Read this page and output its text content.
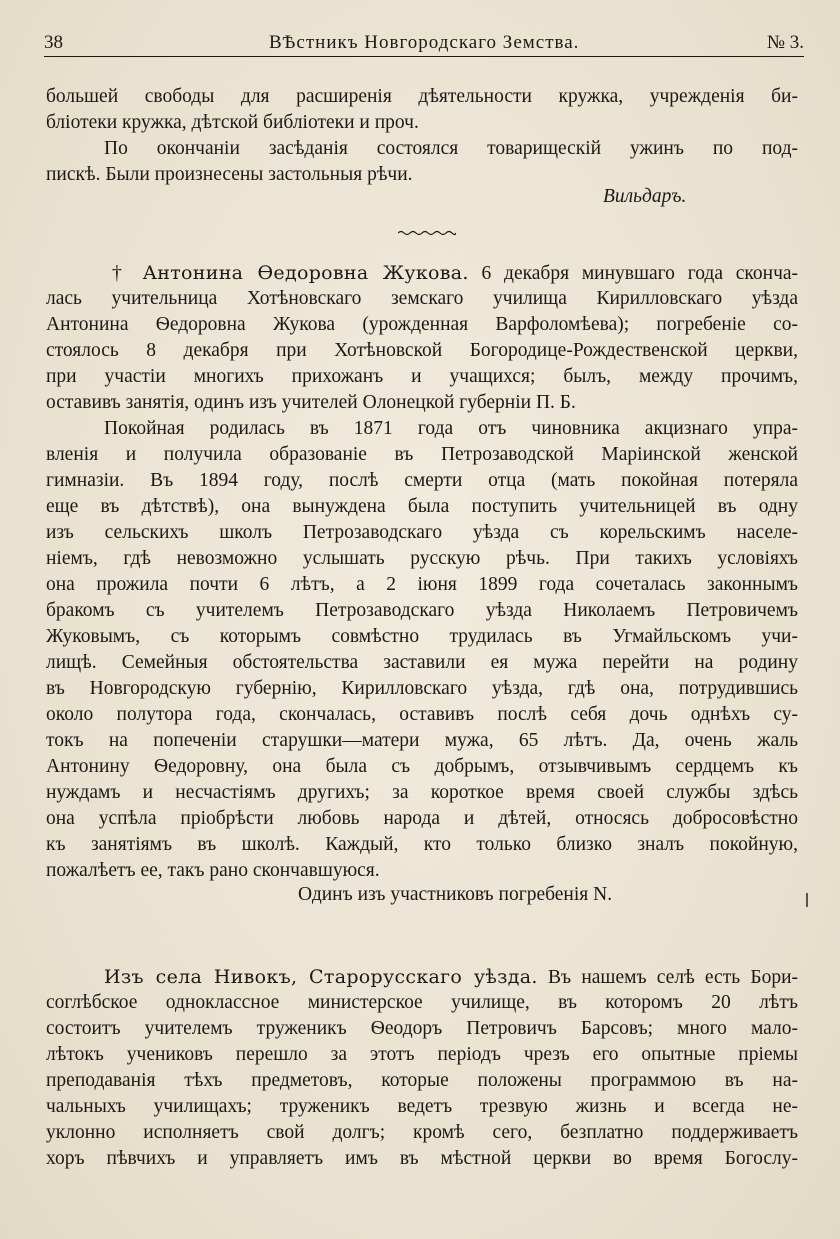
38	ВѢстникъ Новгородскаго Земства.	№ 3.
большей свободы для расширенія дѣятельности кружка, учрежденія би-
бліотеки кружка, дѣтской библіотеки и проч.
По окончаніи засѣданія состоялся товарищескій ужинъ по под-
пискѣ. Были произнесены застольныя рѣчи.
Вильдаръ.
† Антонина Ѳедоровна Жукова. 6 декабря минувшаго года сконча-
лась учительница Хотѣновскаго земскаго училища Кирилловскаго уѣзда
Антонина Ѳедоровна Жукова (урожденная Варфоломѣева); погребеніе со-
стоялось 8 декабря при Хотѣновской Богородице-Рождественской церкви,
при участіи многихъ прихожанъ и учащихся; былъ, между прочимъ,
оставивъ занятія, одинъ изъ учителей Олонецкой губерніи П. Б.
Покойная родилась въ 1871 года отъ чиновника акцизнаго упра-
вленія и получила образованіе въ Петрозаводской Маріинской женской
гимназіи. Въ 1894 году, послѣ смерти отца (мать покойная потеряла
еще въ дѣтствѣ), она вынуждена была поступить учительницей въ одну
изъ сельскихъ школъ Петрозаводскаго уѣзда съ корельскимъ населе-
ніемъ, гдѣ невозможно услышать русскую рѣчь. При такихъ условіяхъ
она прожила почти 6 лѣтъ, а 2 іюня 1899 года сочеталась законнымъ
бракомъ съ учителемъ Петрозаводскаго уѣзда Николаемъ Петровичемъ
Жуковымъ, съ которымъ совмѣстно трудилась въ Угмайльскомъ учи-
лищѣ. Семейныя обстоятельства заставили ея мужа перейти на родину
въ Новгородскую губернію, Кирилловскаго уѣзда, гдѣ она, потрудившись
около полутора года, скончалась, оставивъ послѣ себя дочь однѣхъ су-
токъ на попеченіи старушки—матери мужа, 65 лѣтъ. Да, очень жаль
Антонину Ѳедоровну, она была съ добрымъ, отзывчивымъ сердцемъ къ
нуждамъ и несчастіямъ другихъ; за короткое время своей службы здѣсь
она успѣла пріобрѣсти любовь народа и дѣтей, относясь добросовѣстно
къ занятіямъ въ школѣ. Каждый, кто только близко зналъ покойную,
пожалѣетъ ее, такъ рано скончавшуюся.
Одинъ изъ участниковъ погребенія N.
Изъ села Нивокъ, Старорусскаго уѣзда. Въ нашемъ селѣ есть Бори-
соглѣбское одноклассное министерское училище, въ которомъ 20 лѣтъ
состоитъ учителемъ труженикъ Ѳеодоръ Петровичъ Барсовъ; много мало-
лѣтокъ учениковъ перешло за этотъ періодъ чрезъ его опытные пріемы
преподаванія тѣхъ предметовъ, которые положены программою въ на-
чальныхъ училищахъ; труженикъ ведетъ трезвую жизнь и всегда не-
уклонно исполняетъ свой долгъ; кромѣ сего, безплатно поддерживаетъ
хоръ пѣвчихъ и управляетъ имъ въ мѣстной церкви во время Богослу-
